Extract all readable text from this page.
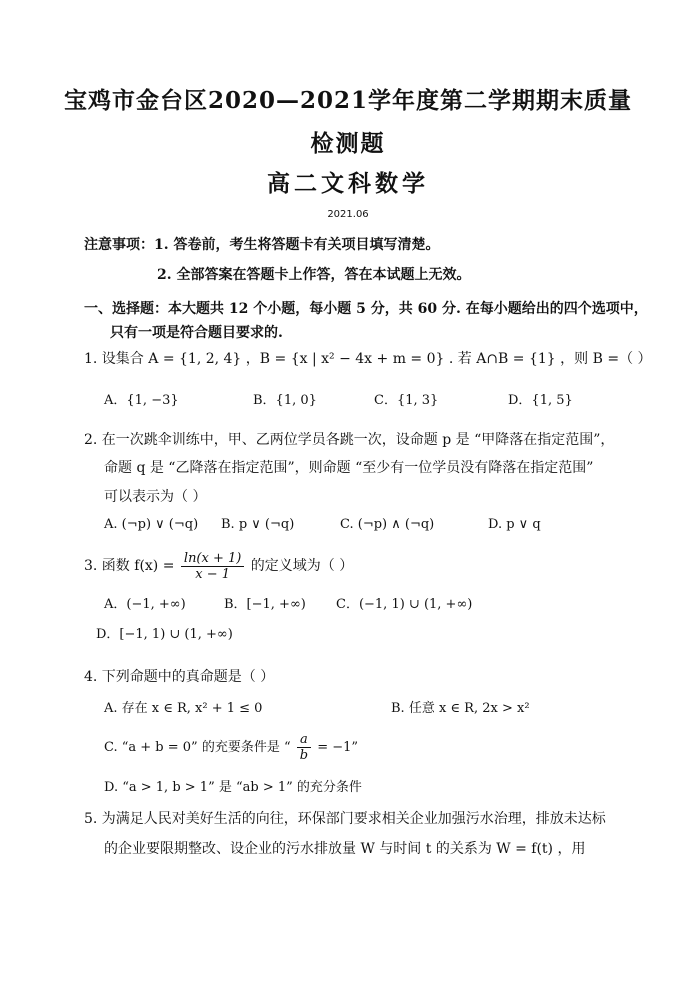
宝鸡市金台区2020—2021学年度第二学期期末质量
检测题
高二文科数学
2021.06
注意事项：1. 答卷前，考生将答题卡有关项目填写清楚。
2. 全部答案在答题卡上作答，答在本试题上无效。
一、选择题：本大题共 12 个小题，每小题 5 分，共 60 分. 在每小题给出的四个选项中，
只有一项是符合题目要求的.
1. 设集合 A = {1, 2, 4} ，B = {x | x² − 4x + m = 0} . 若 A∩B = {1} ，则 B =（ ）
A．{1, −3}	B．{1, 0}	C．{1, 3}	D．{1, 5}
2. 在一次跳伞训练中，甲、乙两位学员各跳一次，设命题 p 是 “甲降落在指定范围”，
命题 q 是 “乙降落在指定范围”，则命题 “至少有一位学员没有降落在指定范围”
可以表示为（ ）
A. (¬p) ∨ (¬q) B. p ∨ (¬q)	C. (¬p) ∧ (¬q)	D. p ∨ q
3. 函数 $f(x) = \frac{\ln(x + 1)}{x - 1}$ 的定义域为（ ）
A．(−1, +∞)	B．[−1, +∞) C．(−1, 1) ∪ (1, +∞)
D．[−1, 1) ∪ (1, +∞)
4. 下列命题中的真命题是（ ）
A. 存在 x ∈ R, x² + 1 ≤ 0	B. 任意 x ∈ R, 2x > x²
C. “a + b = 0” 的充要条件是 “ $\frac{a}{b} = -1$”
D. “a > 1, b > 1” 是 “ab > 1” 的充分条件
5. 为满足人民对美好生活的向往，环保部门要求相关企业加强污水治理，排放未达标
的企业要限期整改、设企业的污水排放量 W 与时间 t 的关系为 W = f(t) ，用
